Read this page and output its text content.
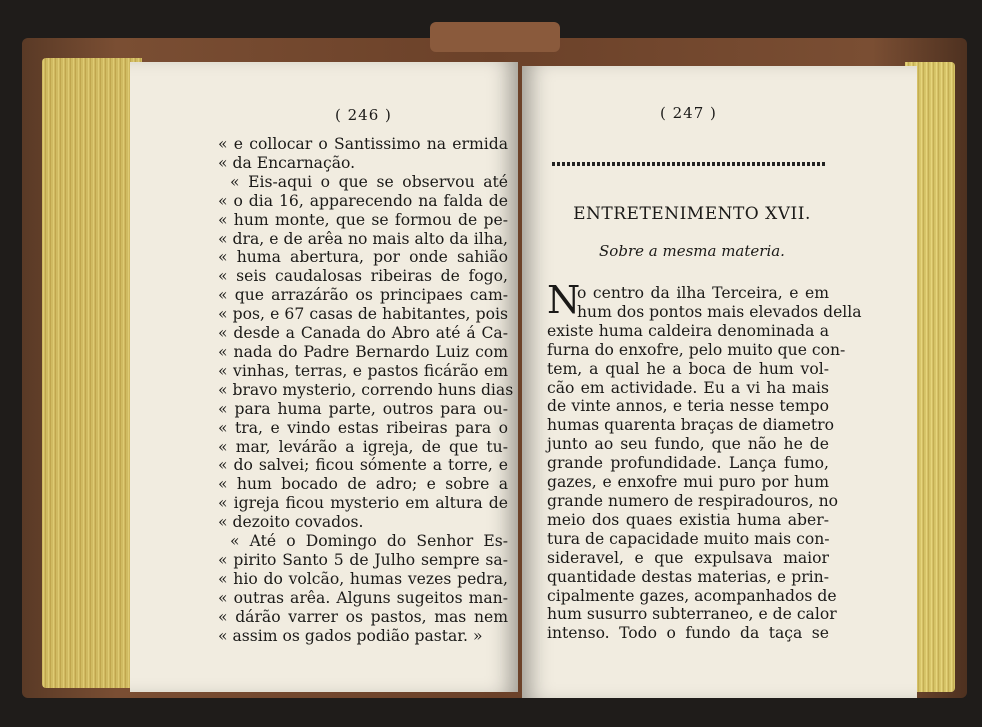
( 246 )
« e collocar o Santissimo na ermida
« da Encarnação.
« Eis-aqui o que se observou até
« o dia 16, apparecendo na falda de
« hum monte, que se formou de pe-
« dra, e de arêa no mais alto da ilha,
« huma abertura, por onde sahião
« seis caudalosas ribeiras de fogo,
« que arrazárão os principaes cam-
« pos, e 67 casas de habitantes, pois
« desde a Canada do Abro até á Ca-
« nada do Padre Bernardo Luiz com
« vinhas, terras, e pastos ficárão em
« bravo mysterio, correndo huns dias
« para huma parte, outros para ou-
« tra, e vindo estas ribeiras para o
« mar, levárão a igreja, de que tu-
« do salvei; ficou sómente a torre, e
« hum bocado de adro; e sobre a
« igreja ficou mysterio em altura de
« dezoito covados.
« Até o Domingo do Senhor Es-
« pirito Santo 5 de Julho sempre sa-
« hio do volcão, humas vezes pedra,
« outras arêa. Alguns sugeitos man-
« dárão varrer os pastos, mas nem
« assim os gados podião pastar. »
( 247 )
ENTRETENIMENTO XVII.
Sobre a mesma materia.
N
o centro da ilha Terceira, e em
hum dos pontos mais elevados della
existe huma caldeira denominada a
furna do enxofre, pelo muito que con-
tem, a qual he a boca de hum vol-
cão em actividade. Eu a vi ha mais
de vinte annos, e teria nesse tempo
humas quarenta braças de diametro
junto ao seu fundo, que não he de
grande profundidade. Lança fumo,
gazes, e enxofre mui puro por hum
grande numero de respiradouros, no
meio dos quaes existia huma aber-
tura de capacidade muito mais con-
sideravel, e que expulsava maior
quantidade destas materias, e prin-
cipalmente gazes, acompanhados de
hum susurro subterraneo, e de calor
intenso. Todo o fundo da taça se
